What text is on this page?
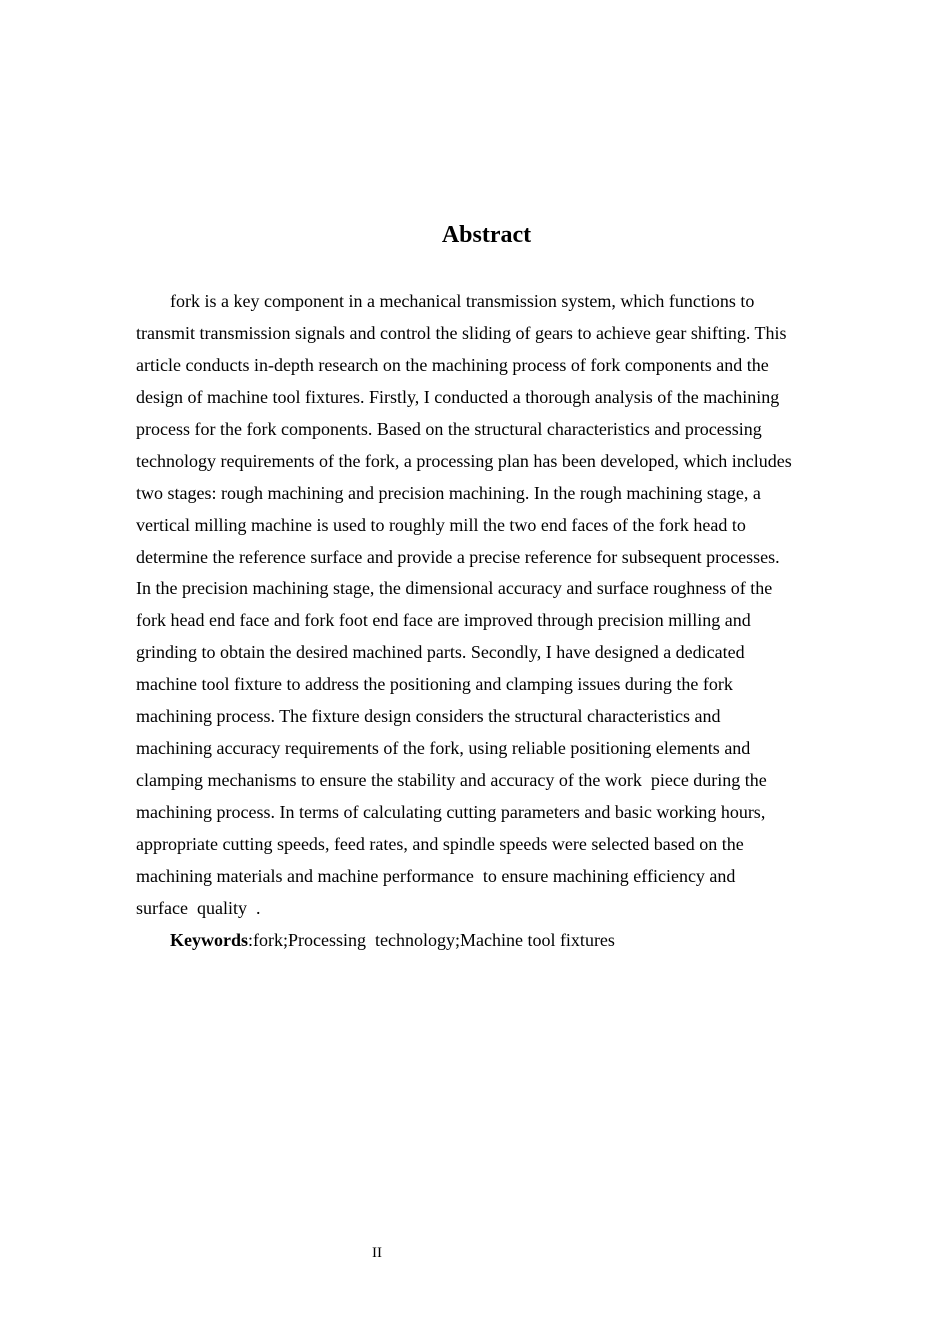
Abstract
fork is a key component in a mechanical transmission system, which functions to
transmit transmission signals and control the sliding of gears to achieve gear shifting. This
article conducts in-depth research on the machining process of fork components and the
design of machine tool fixtures. Firstly, I conducted a thorough analysis of the machining
process for the fork components. Based on the structural characteristics and processing
technology requirements of the fork, a processing plan has been developed, which includes
two stages: rough machining and precision machining. In the rough machining stage, a
vertical milling machine is used to roughly mill the two end faces of the fork head to
determine the reference surface and provide a precise reference for subsequent processes.
In the precision machining stage, the dimensional accuracy and surface roughness of the
fork head end face and fork foot end face are improved through precision milling and
grinding to obtain the desired machined parts. Secondly, I have designed a dedicated
machine tool fixture to address the positioning and clamping issues during the fork
machining process. The fixture design considers the structural characteristics and
machining accuracy requirements of the fork, using reliable positioning elements and
clamping mechanisms to ensure the stability and accuracy of the work  piece during the
machining process. In terms of calculating cutting parameters and basic working hours,
appropriate cutting speeds, feed rates, and spindle speeds were selected based on the
machining materials and machine performance  to ensure machining efficiency and
surface  quality  .
Keywords:fork;Processing  technology;Machine tool fixtures
II
